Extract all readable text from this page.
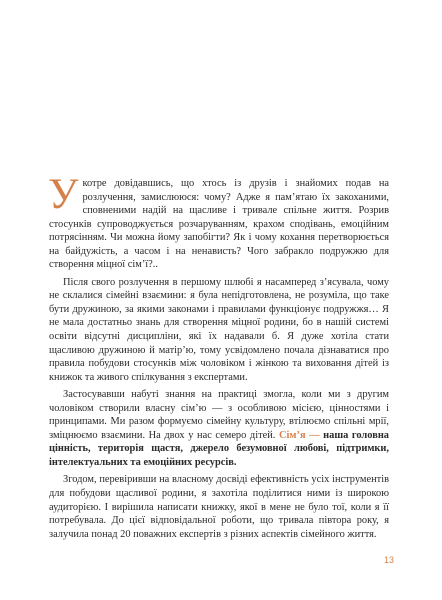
Укотре довідавшись, що хтось із друзів і знайомих подав на розлучення, замислююся: чому? Адже я пам’ятаю їх закоханими, сповненими надій на щасливе і тривале спільне життя. Розрив стосунків супроводжується розчаруванням, крахом сподівань, емоційним потрясінням. Чи можна йому запобігти? Як і чому кохання перетворюється на байдужість, а часом і на ненависть? Чого забракло подружжю для створення міцної сім’ї?..

Після свого розлучення в першому шлюбі я насамперед з’ясувала, чому не склалися сімейні взаємини: я була непідготовлена, не розуміла, що таке бути дружиною, за якими законами і правилами функціонує подружжя… Я не мала достатньо знань для створення міцної родини, бо в нашій системі освіти відсутні дисципліни, які їх надавали б. Я дуже хотіла стати щасливою дружиною й матір’ю, тому усвідомлено почала дізнаватися про правила побудови стосунків між чоловіком і жінкою та виховання дітей із книжок та живого спілкування з експертами.

Застосувавши набуті знання на практиці змогла, коли ми з другим чоловіком створили власну сім’ю — з особливою місією, цінностями і принципами. Ми разом формуємо сімейну культуру, втілюємо спільні мрії, зміцнюємо взаємини. На двох у нас семеро дітей. Сім’я — наша головна цінність, територія щастя, джерело безумовної любові, підтримки, інтелектуальних та емоційних ресурсів.

Згодом, перевіривши на власному досвіді ефективність усіх інструментів для побудови щасливої родини, я захотіла поділитися ними із широкою аудиторією. І вирішила написати книжку, якої в мене не було тої, коли я її потребувала. До цієї відповідальної роботи, що тривала півтора року, я залучила понад 20 поважних експертів з різних аспектів сімейного життя.

13
